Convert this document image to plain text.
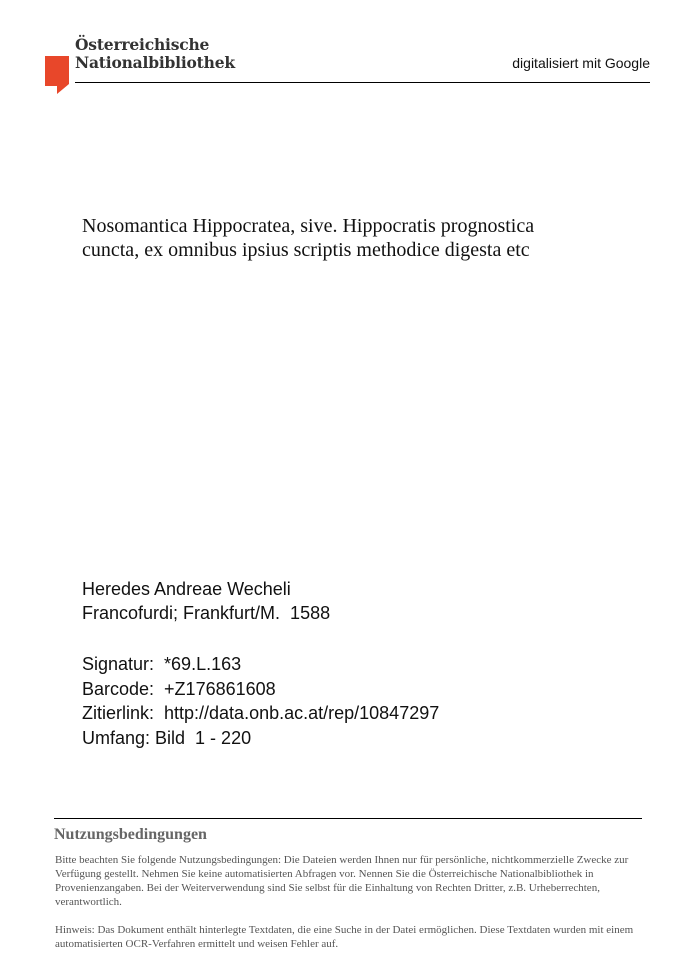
Österreichische
Nationalbibliothek	digitalisiert mit Google
Nosomantica Hippocratea, sive. Hippocratis prognostica
cuncta, ex omnibus ipsius scriptis methodice digesta etc
Heredes Andreae Wecheli
Francofurdi; Frankfurt/M.  1588
Signatur:  *69.L.163
Barcode:  +Z176861608
Zitierlink:  http://data.onb.ac.at/rep/10847297
Umfang: Bild  1 - 220
Nutzungsbedingungen
Bitte beachten Sie folgende Nutzungsbedingungen: Die Dateien werden Ihnen nur für persönliche, nichtkommerzielle Zwecke zur
Verfügung gestellt. Nehmen Sie keine automatisierten Abfragen vor. Nennen Sie die Österreichische Nationalbibliothek in
Provenienzangaben. Bei der Weiterverwendung sind Sie selbst für die Einhaltung von Rechten Dritter, z.B. Urheberrechten,
verantwortlich.
Hinweis: Das Dokument enthält hinterlegte Textdaten, die eine Suche in der Datei ermöglichen. Diese Textdaten wurden mit einem
automatisierten OCR-Verfahren ermittelt und weisen Fehler auf.
